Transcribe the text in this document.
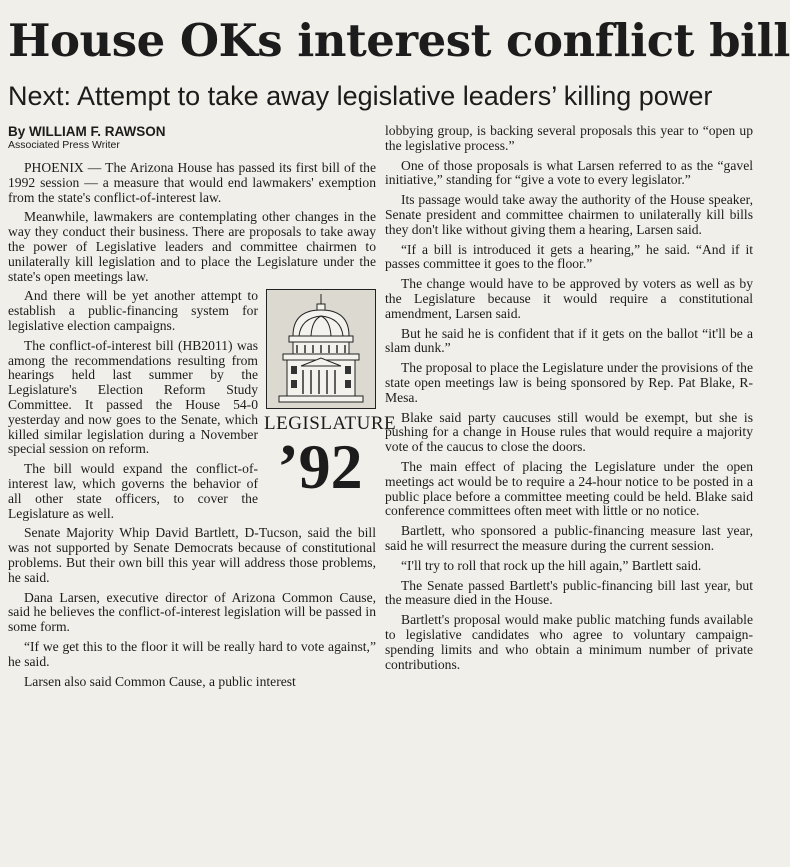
House OKs interest conflict bill
Next: Attempt to take away legislative leaders’ killing power
By WILLIAM F. RAWSON
Associated Press Writer

PHOENIX — The Arizona House has passed its first bill of the 1992 session — a measure that would end lawmakers' exemption from the state's conflict-of-interest law.

Meanwhile, lawmakers are contemplating other changes in the way they conduct their business. There are proposals to take away the power of Legislative leaders and committee chairmen to unilaterally kill legislation and to place the Legislature under the state's open meetings law.

LEGISLATURE
’92

And there will be yet another attempt to establish a public-financing system for legislative election campaigns.

The conflict-of-interest bill (HB2011) was among the recommendations resulting from hearings held last summer by the Legislature's Election Reform Study Committee. It passed the House 54-0 yesterday and now goes to the Senate, which killed similar legislation during a November special session on reform.

The bill would expand the conflict-of-interest law, which governs the behavior of all other state officers, to cover the Legislature as well.

Senate Majority Whip David Bartlett, D-Tucson, said the bill was not supported by Senate Democrats because of constitutional problems. But their own bill this year will address those problems, he said.

Dana Larsen, executive director of Arizona Common Cause, said he believes the conflict-of-interest legislation will be passed in some form.

“If we get this to the floor it will be really hard to vote against,” he said.

Larsen also said Common Cause, a public interest

lobbying group, is backing several proposals this year to “open up the legislative process.”

One of those proposals is what Larsen referred to as the “gavel initiative,” standing for “give a vote to every legislator.”

Its passage would take away the authority of the House speaker, Senate president and committee chairmen to unilaterally kill bills they don't like without giving them a hearing, Larsen said.

“If a bill is introduced it gets a hearing,” he said. “And if it passes committee it goes to the floor.”

The change would have to be approved by voters as well as by the Legislature because it would require a constitutional amendment, Larsen said.

But he said he is confident that if it gets on the ballot “it'll be a slam dunk.”

The proposal to place the Legislature under the provisions of the state open meetings law is being sponsored by Rep. Pat Blake, R-Mesa.

Blake said party caucuses still would be exempt, but she is pushing for a change in House rules that would require a majority vote of the caucus to close the doors.

The main effect of placing the Legislature under the open meetings act would be to require a 24-hour notice to be posted in a public place before a committee meeting could be held. Blake said conference committees often meet with little or no notice.

Bartlett, who sponsored a public-financing measure last year, said he will resurrect the measure during the current session.

“I'll try to roll that rock up the hill again,” Bartlett said.

The Senate passed Bartlett's public-financing bill last year, but the measure died in the House.

Bartlett's proposal would make public matching funds available to legislative candidates who agree to voluntary campaign-spending limits and who obtain a minimum number of private contributions.
